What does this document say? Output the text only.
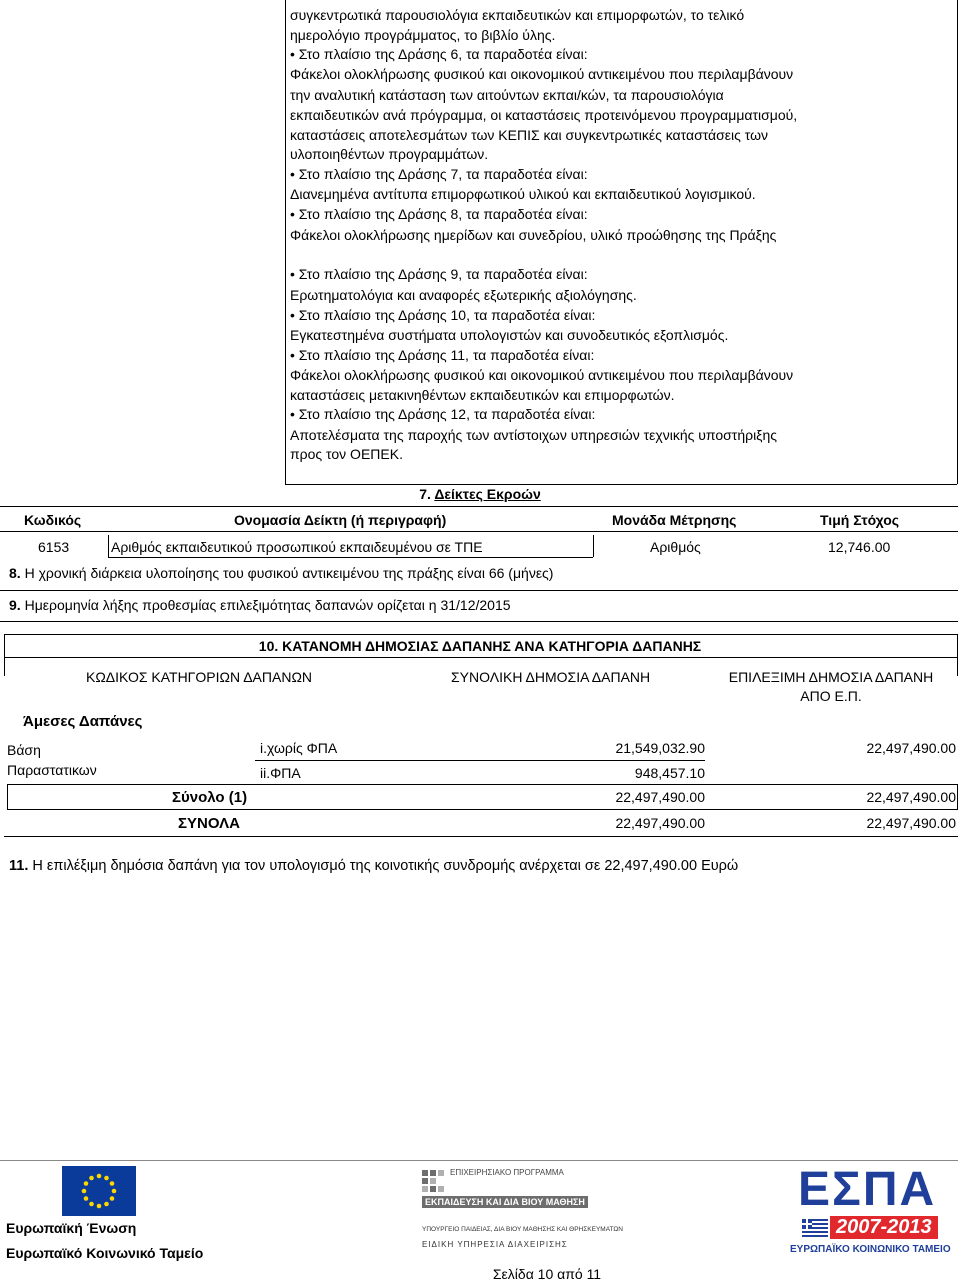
συγκεντρωτικά παρουσιολόγια εκπαιδευτικών και επιμορφωτών, το τελικό
ημερολόγιο προγράμματος, το βιβλίο ύλης.
• Στο πλαίσιο της Δράσης 6, τα παραδοτέα είναι:
Φάκελοι ολοκλήρωσης φυσικού και οικονομικού αντικειμένου που περιλαμβάνουν
την αναλυτική κατάσταση των αιτούντων εκπαι/κών, τα παρουσιολόγια
εκπαιδευτικών ανά πρόγραμμα, οι καταστάσεις προτεινόμενου προγραμματισμού,
καταστάσεις αποτελεσμάτων των ΚΕΠΙΣ και συγκεντρωτικές καταστάσεις των
υλοποιηθέντων προγραμμάτων.
• Στο πλαίσιο της Δράσης 7, τα παραδοτέα είναι:
Διανεμημένα αντίτυπα επιμορφωτικού υλικού και εκπαιδευτικού λογισμικού.
• Στο πλαίσιο της Δράσης 8, τα παραδοτέα είναι:
Φάκελοι ολοκλήρωσης ημερίδων και συνεδρίου, υλικό προώθησης της Πράξης
• Στο πλαίσιο της Δράσης 9, τα παραδοτέα είναι:
Ερωτηματολόγια και αναφορές εξωτερικής αξιολόγησης.
• Στο πλαίσιο της Δράσης 10, τα παραδοτέα είναι:
Εγκατεστημένα συστήματα υπολογιστών και συνοδευτικός εξοπλισμός.
• Στο πλαίσιο της Δράσης 11, τα παραδοτέα είναι:
Φάκελοι ολοκλήρωσης φυσικού και οικονομικού αντικειμένου που περιλαμβάνουν
καταστάσεις μετακινηθέντων εκπαιδευτικών και επιμορφωτών.
• Στο πλαίσιο της Δράσης 12, τα παραδοτέα είναι:
Αποτελέσματα της παροχής των αντίστοιχων υπηρεσιών τεχνικής υποστήριξης
προς τον ΟΕΠΕΚ.
7. Δείκτες Εκροών
Κωδικός	Ονομασία Δείκτη (ή περιγραφή)	Μονάδα Μέτρησης	Τιμή Στόχος
6153	Αριθμός εκπαιδευτικού προσωπικού εκπαιδευμένου σε ΤΠΕ	Αριθμός	12,746.00
8. Η χρονική διάρκεια υλοποίησης του φυσικού αντικειμένου της πράξης είναι 66 (μήνες)
9. Ημερομηνία λήξης προθεσμίας επιλεξιμότητας δαπανών ορίζεται η 31/12/2015
10. ΚΑΤΑΝΟΜΗ ΔΗΜΟΣΙΑΣ ΔΑΠΑΝΗΣ ΑΝΑ ΚΑΤΗΓΟΡΙΑ ΔΑΠΑΝΗΣ
ΚΩΔΙΚΟΣ ΚΑΤΗΓΟΡΙΩΝ ΔΑΠΑΝΩΝ	ΣΥΝΟΛΙΚΗ ΔΗΜΟΣΙΑ ΔΑΠΑΝΗ	ΕΠΙΛΕΞΙΜΗ ΔΗΜΟΣΙΑ ΔΑΠΑΝΗ
ΑΠΟ Ε.Π.
Άμεσες Δαπάνες
Βάση
Παραστατικων
i.χωρίς ΦΠΑ	21,549,032.90	22,497,490.00
ii.ΦΠΑ	948,457.10
Σύνολο (1)	22,497,490.00	22,497,490.00
ΣΥΝΟΛΑ	22,497,490.00	22,497,490.00
11. Η επιλέξιμη δημόσια δαπάνη για τον υπολογισμό της κοινοτικής συνδρομής ανέρχεται σε 22,497,490.00 Ευρώ
Ευρωπαϊκή Ένωση
Ευρωπαϊκό Κοινωνικό Ταμείο
ΕΠΙΧΕΙΡΗΣΙΑΚΟ ΠΡΟΓΡΑΜΜΑ
ΕΚΠΑΙΔΕΥΣΗ ΚΑΙ ΔΙΑ ΒΙΟΥ ΜΑΘΗΣΗ
ΥΠΟΥΡΓΕΙΟ ΠΑΙΔΕΙΑΣ, ΔΙΑ ΒΙΟΥ ΜΑΘΗΣΗΣ ΚΑΙ ΘΡΗΣΚΕΥΜΑΤΩΝ
ΕΙΔΙΚΗ ΥΠΗΡΕΣΙΑ ΔΙΑΧΕΙΡΙΣΗΣ
ΕΣΠΑ
2007-2013
ΕΥΡΩΠΑΪΚΟ ΚΟΙΝΩΝΙΚΟ ΤΑΜΕΙΟ
Σελίδα 10 από 11
